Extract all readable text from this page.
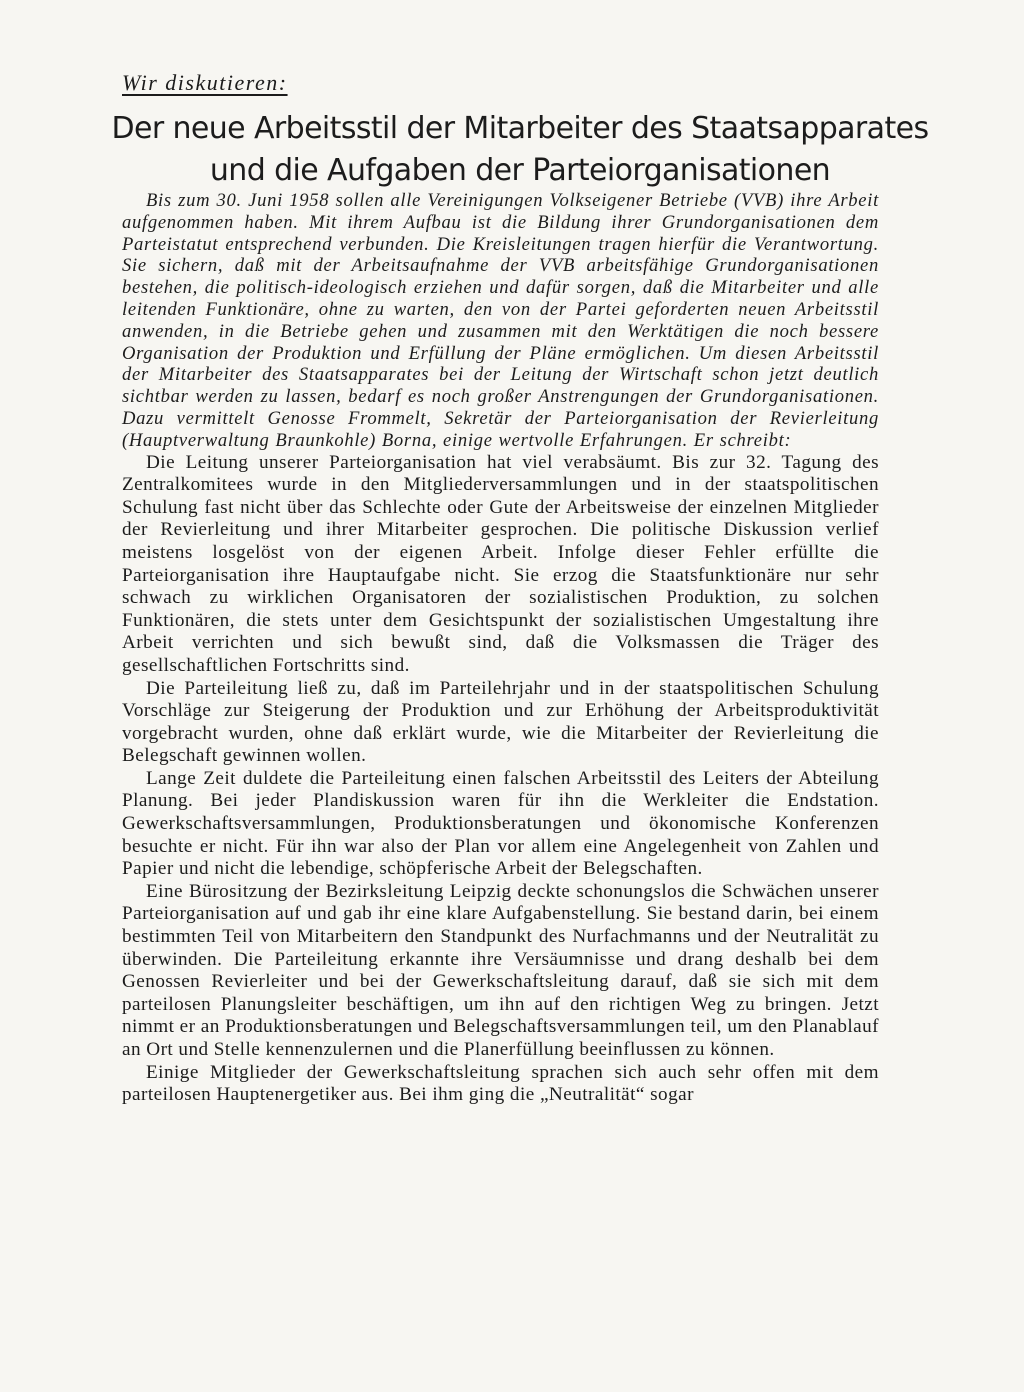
Wir diskutieren:

Der neue Arbeitsstil der Mitarbeiter des Staatsapparates
und die Aufgaben der Parteiorganisationen

Bis zum 30. Juni 1958 sollen alle Vereinigungen Volkseigener Betriebe (VVB) ihre Arbeit aufgenommen haben. Mit ihrem Aufbau ist die Bildung ihrer Grundorganisationen dem Parteistatut entsprechend verbunden. Die Kreisleitungen tragen hierfür die Verantwortung. Sie sichern, daß mit der Arbeitsaufnahme der VVB arbeitsfähige Grundorganisationen bestehen, die politisch-ideologisch erziehen und dafür sorgen, daß die Mitarbeiter und alle leitenden Funktionäre, ohne zu warten, den von der Partei geforderten neuen Arbeitsstil anwenden, in die Betriebe gehen und zusammen mit den Werktätigen die noch bessere Organisation der Produktion und Erfüllung der Pläne ermöglichen. Um diesen Arbeitsstil der Mitarbeiter des Staatsapparates bei der Leitung der Wirtschaft schon jetzt deutlich sichtbar werden zu lassen, bedarf es noch großer Anstrengungen der Grundorganisationen. Dazu vermittelt Genosse Frommelt, Sekretär der Parteiorganisation der Revierleitung (Hauptverwaltung Braunkohle) Borna, einige wertvolle Erfahrungen. Er schreibt:

Die Leitung unserer Parteiorganisation hat viel verabsäumt. Bis zur 32. Tagung des Zentralkomitees wurde in den Mitgliederversammlungen und in der staatspolitischen Schulung fast nicht über das Schlechte oder Gute der Arbeitsweise der einzelnen Mitglieder der Revierleitung und ihrer Mitarbeiter gesprochen. Die politische Diskussion verlief meistens losgelöst von der eigenen Arbeit. Infolge dieser Fehler erfüllte die Parteiorganisation ihre Hauptaufgabe nicht. Sie erzog die Staatsfunktionäre nur sehr schwach zu wirklichen Organisatoren der sozialistischen Produktion, zu solchen Funktionären, die stets unter dem Gesichtspunkt der sozialistischen Umgestaltung ihre Arbeit verrichten und sich bewußt sind, daß die Volksmassen die Träger des gesellschaftlichen Fortschritts sind.

Die Parteileitung ließ zu, daß im Parteilehrjahr und in der staatspolitischen Schulung Vorschläge zur Steigerung der Produktion und zur Erhöhung der Arbeitsproduktivität vorgebracht wurden, ohne daß erklärt wurde, wie die Mitarbeiter der Revierleitung die Belegschaft gewinnen wollen.

Lange Zeit duldete die Parteileitung einen falschen Arbeitsstil des Leiters der Abteilung Planung. Bei jeder Plandiskussion waren für ihn die Werkleiter die Endstation. Gewerkschaftsversammlungen, Produktionsberatungen und ökonomische Konferenzen besuchte er nicht. Für ihn war also der Plan vor allem eine Angelegenheit von Zahlen und Papier und nicht die lebendige, schöpferische Arbeit der Belegschaften.

Eine Bürositzung der Bezirksleitung Leipzig deckte schonungslos die Schwächen unserer Parteiorganisation auf und gab ihr eine klare Aufgabenstellung. Sie bestand darin, bei einem bestimmten Teil von Mitarbeitern den Standpunkt des Nurfachmanns und der Neutralität zu überwinden. Die Parteileitung erkannte ihre Versäumnisse und drang deshalb bei dem Genossen Revierleiter und bei der Gewerkschaftsleitung darauf, daß sie sich mit dem parteilosen Planungsleiter beschäftigen, um ihn auf den richtigen Weg zu bringen. Jetzt nimmt er an Produktionsberatungen und Belegschaftsversammlungen teil, um den Planablauf an Ort und Stelle kennenzulernen und die Planerfüllung beeinflussen zu können.

Einige Mitglieder der Gewerkschaftsleitung sprachen sich auch sehr offen mit dem parteilosen Hauptenergetiker aus. Bei ihm ging die „Neutralität“ sogar
